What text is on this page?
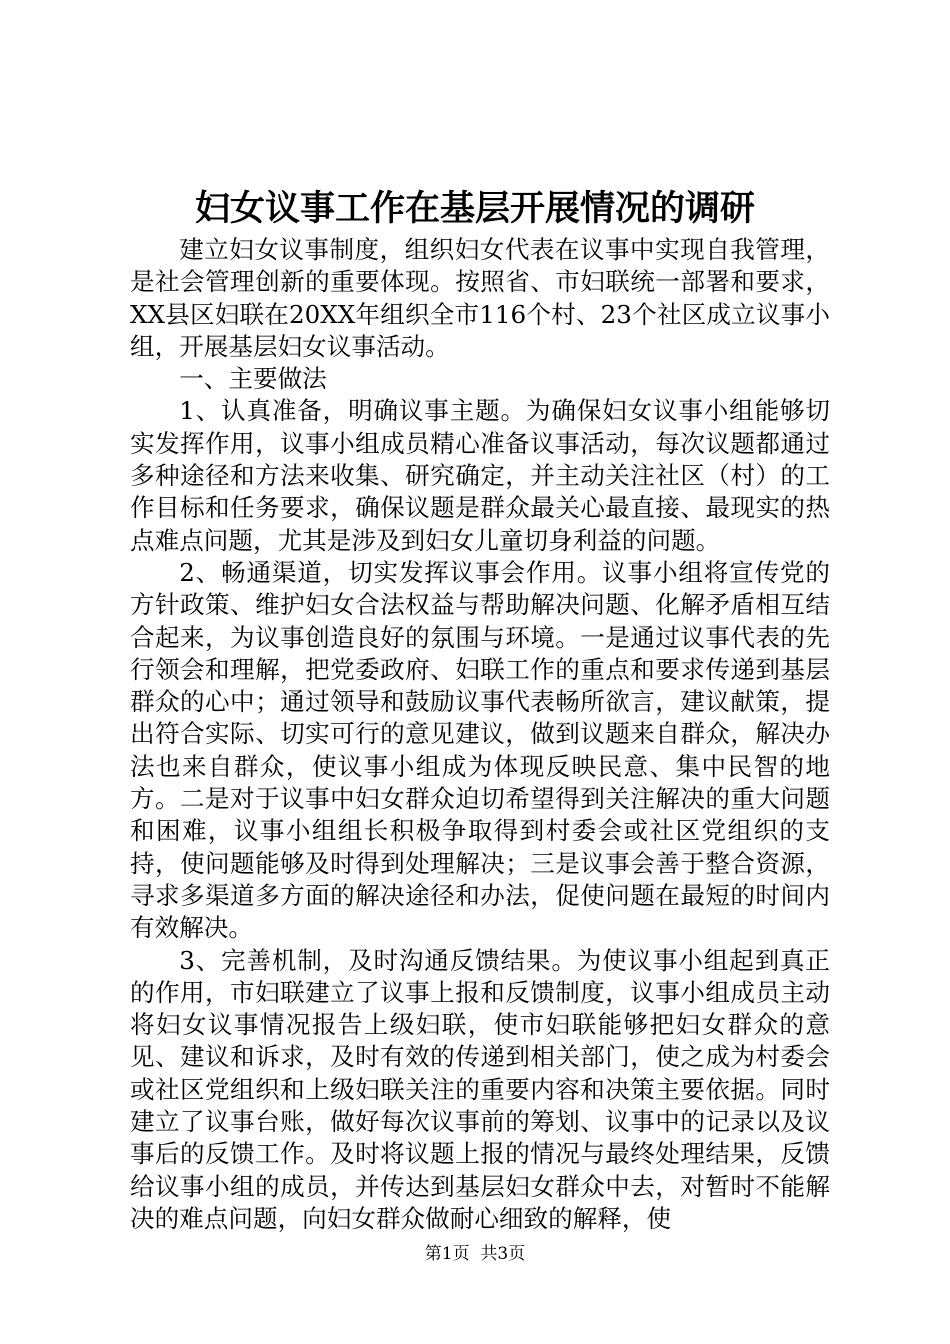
妇女议事工作在基层开展情况的调研

建立妇女议事制度，组织妇女代表在议事中实现自我管理，是社会管理创新的重要体现。按照省、市妇联统一部署和要求，XX县区妇联在20XX年组织全市116个村、23个社区成立议事小组，开展基层妇女议事活动。

一、主要做法

1、认真准备，明确议事主题。为确保妇女议事小组能够切实发挥作用，议事小组成员精心准备议事活动，每次议题都通过多种途径和方法来收集、研究确定，并主动关注社区（村）的工作目标和任务要求，确保议题是群众最关心最直接、最现实的热点难点问题，尤其是涉及到妇女儿童切身利益的问题。

2、畅通渠道，切实发挥议事会作用。议事小组将宣传党的方针政策、维护妇女合法权益与帮助解决问题、化解矛盾相互结合起来，为议事创造良好的氛围与环境。一是通过议事代表的先行领会和理解，把党委政府、妇联工作的重点和要求传递到基层群众的心中；通过领导和鼓励议事代表畅所欲言，建议献策，提出符合实际、切实可行的意见建议，做到议题来自群众，解决办法也来自群众，使议事小组成为体现反映民意、集中民智的地方。二是对于议事中妇女群众迫切希望得到关注解决的重大问题和困难，议事小组组长积极争取得到村委会或社区党组织的支持，使问题能够及时得到处理解决；三是议事会善于整合资源，寻求多渠道多方面的解决途径和办法，促使问题在最短的时间内有效解决。

3、完善机制，及时沟通反馈结果。为使议事小组起到真正的作用，市妇联建立了议事上报和反馈制度，议事小组成员主动将妇女议事情况报告上级妇联，使市妇联能够把妇女群众的意见、建议和诉求，及时有效的传递到相关部门，使之成为村委会或社区党组织和上级妇联关注的重要内容和决策主要依据。同时建立了议事台账，做好每次议事前的筹划、议事中的记录以及议事后的反馈工作。及时将议题上报的情况与最终处理结果，反馈给议事小组的成员，并传达到基层妇女群众中去，对暂时不能解决的难点问题，向妇女群众做耐心细致的解释，使

第1页  共3页
